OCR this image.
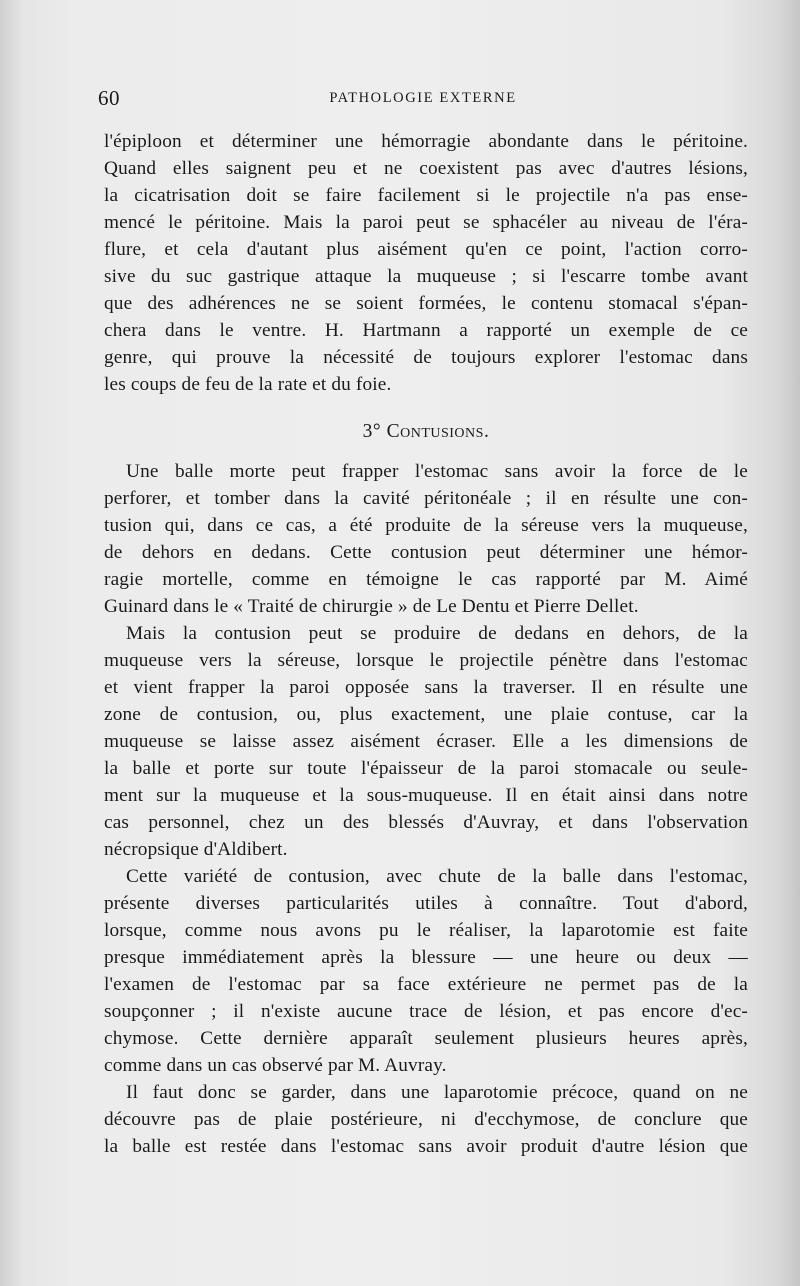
60	PATHOLOGIE EXTERNE
l'épiploon et déterminer une hémorragie abondante dans le péritoine.
Quand elles saignent peu et ne coexistent pas avec d'autres lésions,
la cicatrisation doit se faire facilement si le projectile n'a pas ense-
mencé le péritoine. Mais la paroi peut se sphacéler au niveau de l'éra-
flure, et cela d'autant plus aisément qu'en ce point, l'action corro-
sive du suc gastrique attaque la muqueuse ; si l'escarre tombe avant
que des adhérences ne se soient formées, le contenu stomacal s'épan-
chera dans le ventre. H. Hartmann a rapporté un exemple de ce
genre, qui prouve la nécessité de toujours explorer l'estomac dans
les coups de feu de la rate et du foie.
3° Contusions.
Une balle morte peut frapper l'estomac sans avoir la force de le
perforer, et tomber dans la cavité péritonéale ; il en résulte une con-
tusion qui, dans ce cas, a été produite de la séreuse vers la muqueuse,
de dehors en dedans. Cette contusion peut déterminer une hémor-
ragie mortelle, comme en témoigne le cas rapporté par M. Aimé
Guinard dans le « Traité de chirurgie » de Le Dentu et Pierre Dellet.
Mais la contusion peut se produire de dedans en dehors, de la
muqueuse vers la séreuse, lorsque le projectile pénètre dans l'estomac
et vient frapper la paroi opposée sans la traverser. Il en résulte une
zone de contusion, ou, plus exactement, une plaie contuse, car la
muqueuse se laisse assez aisément écraser. Elle a les dimensions de
la balle et porte sur toute l'épaisseur de la paroi stomacale ou seule-
ment sur la muqueuse et la sous-muqueuse. Il en était ainsi dans notre
cas personnel, chez un des blessés d'Auvray, et dans l'observation
nécropsique d'Aldibert.
Cette variété de contusion, avec chute de la balle dans l'estomac,
présente diverses particularités utiles à connaître. Tout d'abord,
lorsque, comme nous avons pu le réaliser, la laparotomie est faite
presque immédiatement après la blessure — une heure ou deux —
l'examen de l'estomac par sa face extérieure ne permet pas de la
soupçonner ; il n'existe aucune trace de lésion, et pas encore d'ec-
chymose. Cette dernière apparaît seulement plusieurs heures après,
comme dans un cas observé par M. Auvray.
Il faut donc se garder, dans une laparotomie précoce, quand on ne
découvre pas de plaie postérieure, ni d'ecchymose, de conclure que
la balle est restée dans l'estomac sans avoir produit d'autre lésion que
